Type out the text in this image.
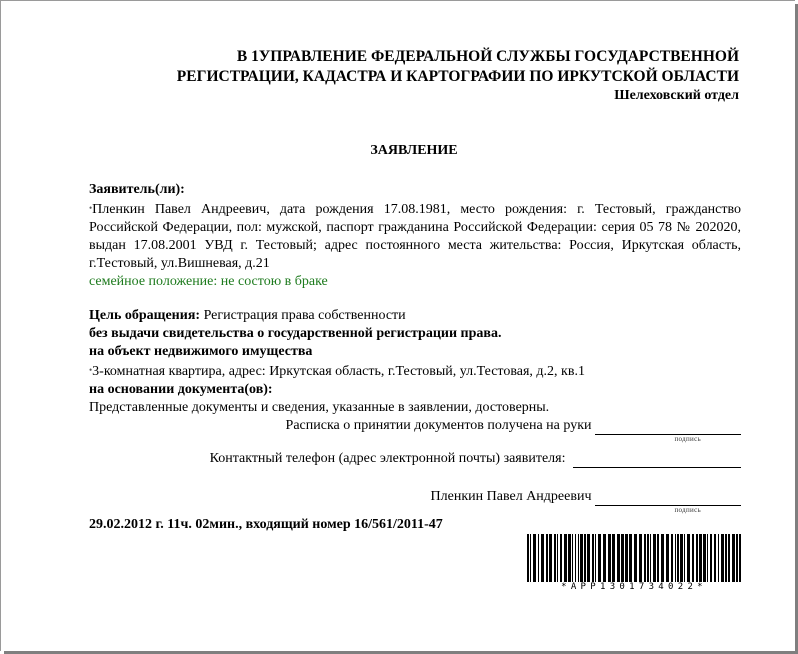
В 1УПРАВЛЕНИЕ ФЕДЕРАЛЬНОЙ СЛУЖБЫ ГОСУДАРСТВЕННОЙ
РЕГИСТРАЦИИ, КАДАСТРА И КАРТОГРАФИИ ПО ИРКУТСКОЙ ОБЛАСТИ
Шелеховский отдел
ЗАЯВЛЕНИЕ
Заявитель(ли):
•Пленкин Павел Андреевич, дата рождения 17.08.1981, место рождения: г. Тестовый, гражданство Российской Федерации, пол: мужской, паспорт гражданина Российской Федерации: серия 05 78 № 202020, выдан 17.08.2001 УВД г. Тестовый; адрес постоянного места жительства: Россия, Иркутская область, г.Тестовый, ул.Вишневая, д.21
семейное положение: не состою в браке
Цель обращения: Регистрация права собственности
без выдачи свидетельства о государственной регистрации права.
на объект недвижимого имущества
•3-комнатная квартира, адрес: Иркутская область, г.Тестовый, ул.Тестовая, д.2, кв.1
на основании документа(ов):
Представленные документы и сведения, указанные в заявлении, достоверны.
Расписка о принятии документов получена на руки
подпись
Контактный телефон (адрес электронной почты) заявителя:
Пленкин Павел Андреевич
подпись
29.02.2012 г. 11ч. 02мин., входящий номер 16/561/2011-47
*APP1301734022*
